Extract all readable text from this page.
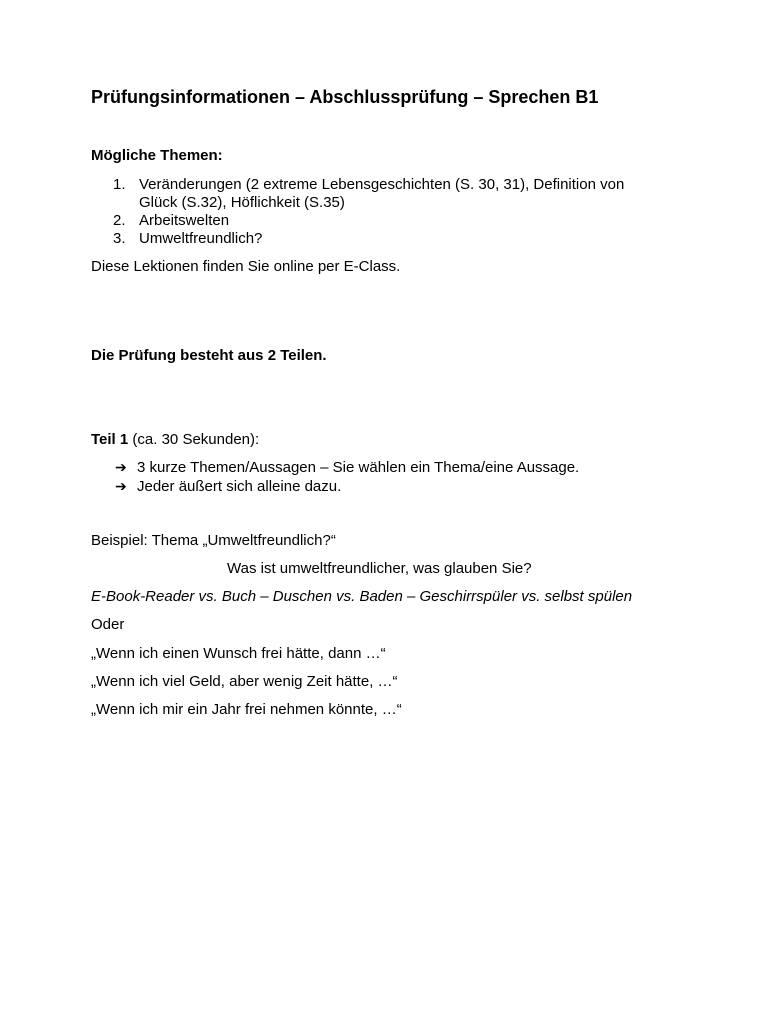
Prüfungsinformationen – Abschlussprüfung – Sprechen B1
Mögliche Themen:
1. Veränderungen (2 extreme Lebensgeschichten (S. 30, 31), Definition von
Glück (S.32), Höflichkeit (S.35)
2. Arbeitswelten
3. Umweltfreundlich?
Diese Lektionen finden Sie online per E-Class.
Die Prüfung besteht aus 2 Teilen.
Teil 1 (ca. 30 Sekunden):
➔ 3 kurze Themen/Aussagen – Sie wählen ein Thema/eine Aussage.
➔ Jeder äußert sich alleine dazu.
Beispiel: Thema „Umweltfreundlich?“
Was ist umweltfreundlicher, was glauben Sie?
E-Book-Reader vs. Buch – Duschen vs. Baden – Geschirrspüler vs. selbst spülen
Oder
„Wenn ich einen Wunsch frei hätte, dann …“
„Wenn ich viel Geld, aber wenig Zeit hätte, …“
„Wenn ich mir ein Jahr frei nehmen könnte, …“
